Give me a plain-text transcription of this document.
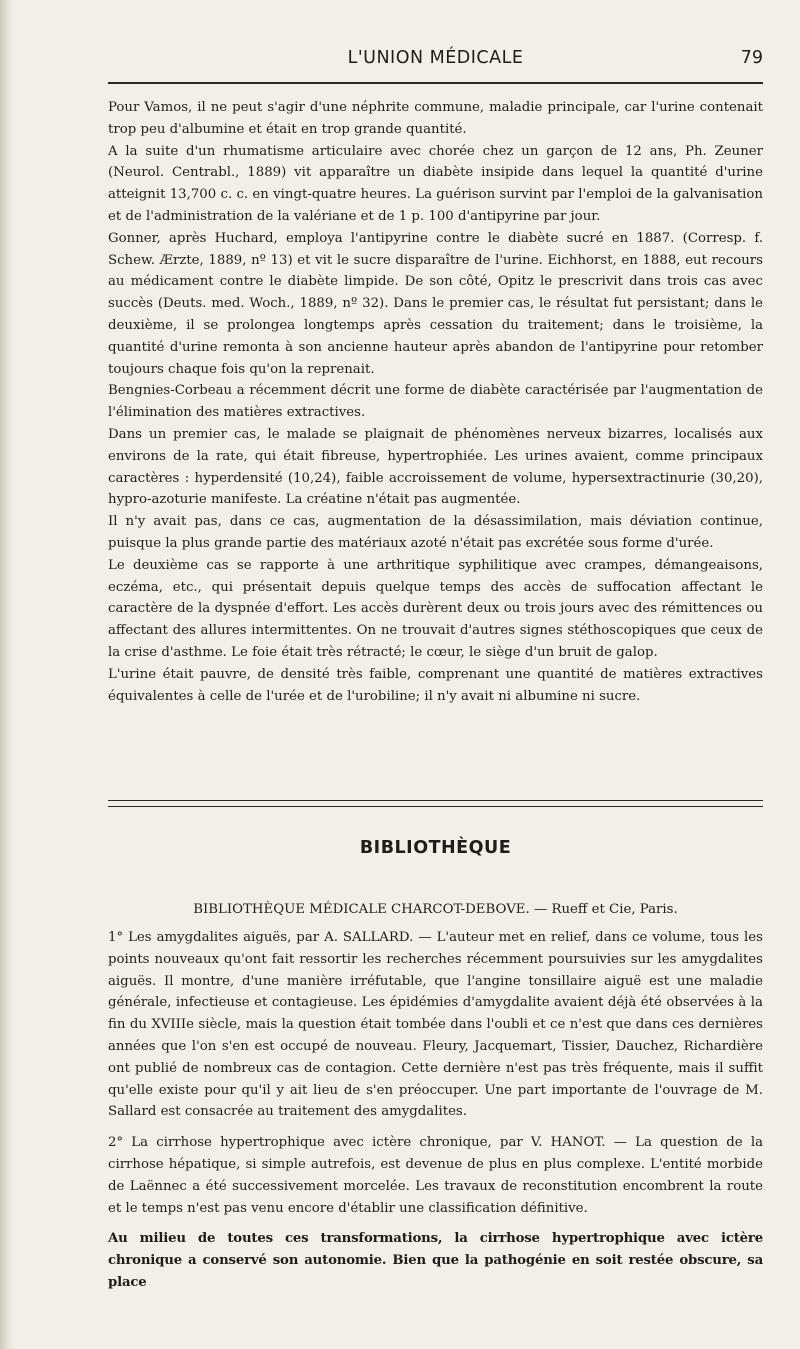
L'UNION MÉDICALE	79

Pour Vamos, il ne peut s'agir d'une néphrite commune, maladie principale, car l'urine contenait trop peu d'albumine et était en trop grande quantité.

A la suite d'un rhumatisme articulaire avec chorée chez un garçon de 12 ans, Ph. Zeuner (Neurol. Centrabl., 1889) vit apparaître un diabète insipide dans lequel la quantité d'urine atteignit 13,700 c. c. en vingt-quatre heures. La guérison survint par l'emploi de la galvanisation et de l'administration de la valériane et de 1 p. 100 d'antipyrine par jour.

Gonner, après Huchard, employa l'antipyrine contre le diabète sucré en 1887. (Corresp. f. Schew. Ærzte, 1889, nº 13) et vit le sucre disparaître de l'urine. Eichhorst, en 1888, eut recours au médicament contre le diabète limpide. De son côté, Opitz le prescrivit dans trois cas avec succès (Deuts. med. Woch., 1889, nº 32). Dans le premier cas, le résultat fut persistant; dans le deuxième, il se prolongea longtemps après cessation du traitement; dans le troisième, la quantité d'urine remonta à son ancienne hauteur après abandon de l'antipyrine pour retomber toujours chaque fois qu'on la reprenait.

Bengnies-Corbeau a récemment décrit une forme de diabète caractérisée par l'augmentation de l'élimination des matières extractives.

Dans un premier cas, le malade se plaignait de phénomènes nerveux bizarres, localisés aux environs de la rate, qui était fibreuse, hypertrophiée. Les urines avaient, comme principaux caractères : hyperdensité (10,24), faible accroissement de volume, hypersextractinurie (30,20), hypro-azoturie manifeste. La créatine n'était pas augmentée.

Il n'y avait pas, dans ce cas, augmentation de la désassimilation, mais déviation continue, puisque la plus grande partie des matériaux azoté n'était pas excrétée sous forme d'urée.

Le deuxième cas se rapporte à une arthritique syphilitique avec crampes, démangeaisons, eczéma, etc., qui présentait depuis quelque temps des accès de suffocation affectant le caractère de la dyspnée d'effort. Les accès durèrent deux ou trois jours avec des rémittences ou affectant des allures intermittentes. On ne trouvait d'autres signes stéthoscopiques que ceux de la crise d'asthme. Le foie était très rétracté; le cœur, le siège d'un bruit de galop.

L'urine était pauvre, de densité très faible, comprenant une quantité de matières extractives équivalentes à celle de l'urée et de l'urobiline; il n'y avait ni albumine ni sucre.

BIBLIOTHÈQUE
BIBLIOTHÈQUE MÉDICALE CHARCOT-DEBOVE. — Rueff et Cie, Paris.

1° Les amygdalites aiguës, par A. SALLARD. — L'auteur met en relief, dans ce volume, tous les points nouveaux qu'ont fait ressortir les recherches récemment poursuivies sur les amygdalites aiguës. Il montre, d'une manière irréfutable, que l'angine tonsillaire aiguë est une maladie générale, infectieuse et contagieuse. Les épidémies d'amygdalite avaient déjà été observées à la fin du XVIIIe siècle, mais la question était tombée dans l'oubli et ce n'est que dans ces dernières années que l'on s'en est occupé de nouveau. Fleury, Jacquemart, Tissier, Dauchez, Richardière ont publié de nombreux cas de contagion. Cette dernière n'est pas très fréquente, mais il suffit qu'elle existe pour qu'il y ait lieu de s'en préoccuper. Une part importante de l'ouvrage de M. Sallard est consacrée au traitement des amygdalites.

2° La cirrhose hypertrophique avec ictère chronique, par V. HANOT. — La question de la cirrhose hépatique, si simple autrefois, est devenue de plus en plus complexe. L'entité morbide de Laënnec a été successivement morcelée. Les travaux de reconstitution encombrent la route et le temps n'est pas venu encore d'établir une classification définitive.

Au milieu de toutes ces transformations, la cirrhose hypertrophique avec ictère chronique a conservé son autonomie. Bien que la pathogénie en soit restée obscure, sa place
